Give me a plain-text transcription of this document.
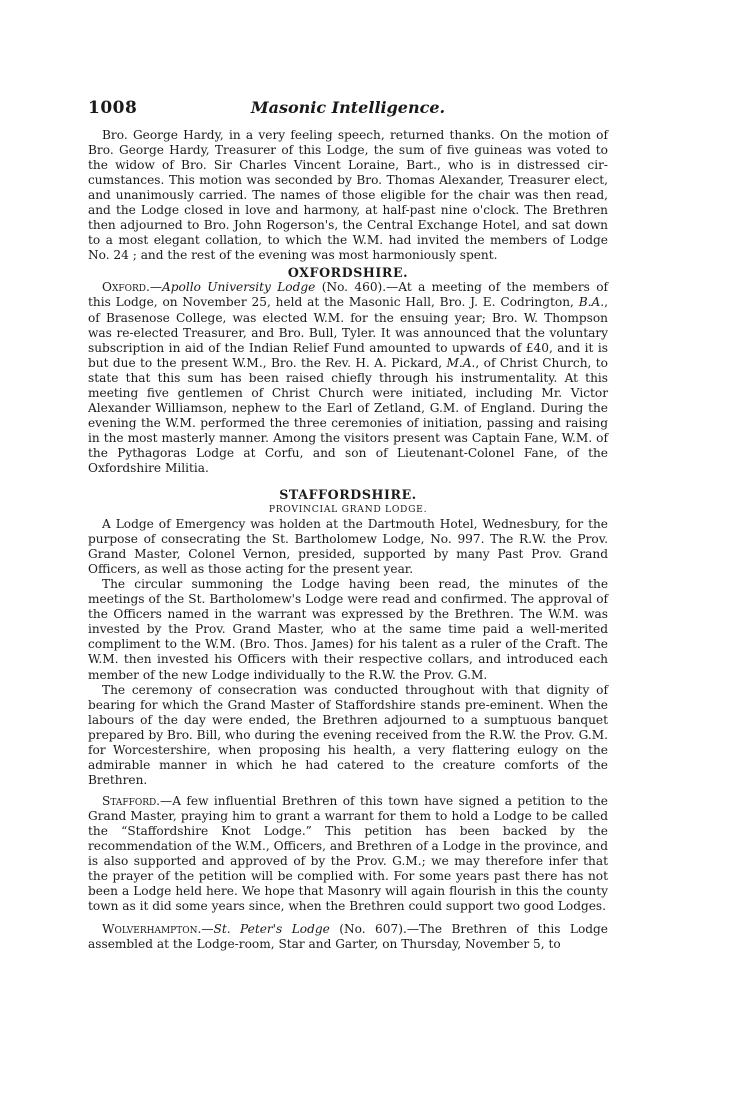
1008	Masonic Intelligence.

Bro. George Hardy, in a very feeling speech, returned thanks. On the motion of Bro. George Hardy, Treasurer of this Lodge, the sum of five guineas was voted to the widow of Bro. Sir Charles Vincent Loraine, Bart., who is in distressed circumstances. This motion was seconded by Bro. Thomas Alexander, Treasurer elect, and unanimously carried. The names of those eligible for the chair was then read, and the Lodge closed in love and harmony, at half-past nine o'clock. The Brethren then adjourned to Bro. John Rogerson's, the Central Exchange Hotel, and sat down to a most elegant collation, to which the W.M. had invited the members of Lodge No. 24 ; and the rest of the evening was most harmoniously spent.

OXFORDSHIRE.

Oxford.—Apollo University Lodge (No. 460).—At a meeting of the members of this Lodge, on November 25, held at the Masonic Hall, Bro. J. E. Codrington, B.A., of Brasenose College, was elected W.M. for the ensuing year; Bro. W. Thompson was re-elected Treasurer, and Bro. Bull, Tyler. It was announced that the voluntary subscription in aid of the Indian Relief Fund amounted to upwards of £40, and it is but due to the present W.M., Bro. the Rev. H. A. Pickard, M.A., of Christ Church, to state that this sum has been raised chiefly through his instrumentality. At this meeting five gentlemen of Christ Church were initiated, including Mr. Victor Alexander Williamson, nephew to the Earl of Zetland, G.M. of England. During the evening the W.M. performed the three ceremonies of initiation, passing and raising in the most masterly manner. Among the visitors present was Captain Fane, W.M. of the Pythagoras Lodge at Corfu, and son of Lieutenant-Colonel Fane, of the Oxfordshire Militia.

STAFFORDSHIRE.
PROVINCIAL GRAND LODGE.

A Lodge of Emergency was holden at the Dartmouth Hotel, Wednesbury, for the purpose of consecrating the St. Bartholomew Lodge, No. 997. The R.W. the Prov. Grand Master, Colonel Vernon, presided, supported by many Past Prov. Grand Officers, as well as those acting for the present year.

The circular summoning the Lodge having been read, the minutes of the meetings of the St. Bartholomew's Lodge were read and confirmed. The approval of the Officers named in the warrant was expressed by the Brethren. The W.M. was invested by the Prov. Grand Master, who at the same time paid a well-merited compliment to the W.M. (Bro. Thos. James) for his talent as a ruler of the Craft. The W.M. then invested his Officers with their respective collars, and introduced each member of the new Lodge individually to the R.W. the Prov. G.M.

The ceremony of consecration was conducted throughout with that dignity of bearing for which the Grand Master of Staffordshire stands pre-eminent. When the labours of the day were ended, the Brethren adjourned to a sumptuous banquet prepared by Bro. Bill, who during the evening received from the R.W. the Prov. G.M. for Worcestershire, when proposing his health, a very flattering eulogy on the admirable manner in which he had catered to the creature comforts of the Brethren.

Stafford.—A few influential Brethren of this town have signed a petition to the Grand Master, praying him to grant a warrant for them to hold a Lodge to be called the “Staffordshire Knot Lodge.” This petition has been backed by the recommendation of the W.M., Officers, and Brethren of a Lodge in the province, and is also supported and approved of by the Prov. G.M.; we may therefore infer that the prayer of the petition will be complied with. For some years past there has not been a Lodge held here. We hope that Masonry will again flourish in this the county town as it did some years since, when the Brethren could support two good Lodges.

Wolverhampton.—St. Peter's Lodge (No. 607).—The Brethren of this Lodge assembled at the Lodge-room, Star and Garter, on Thursday, November 5, to
